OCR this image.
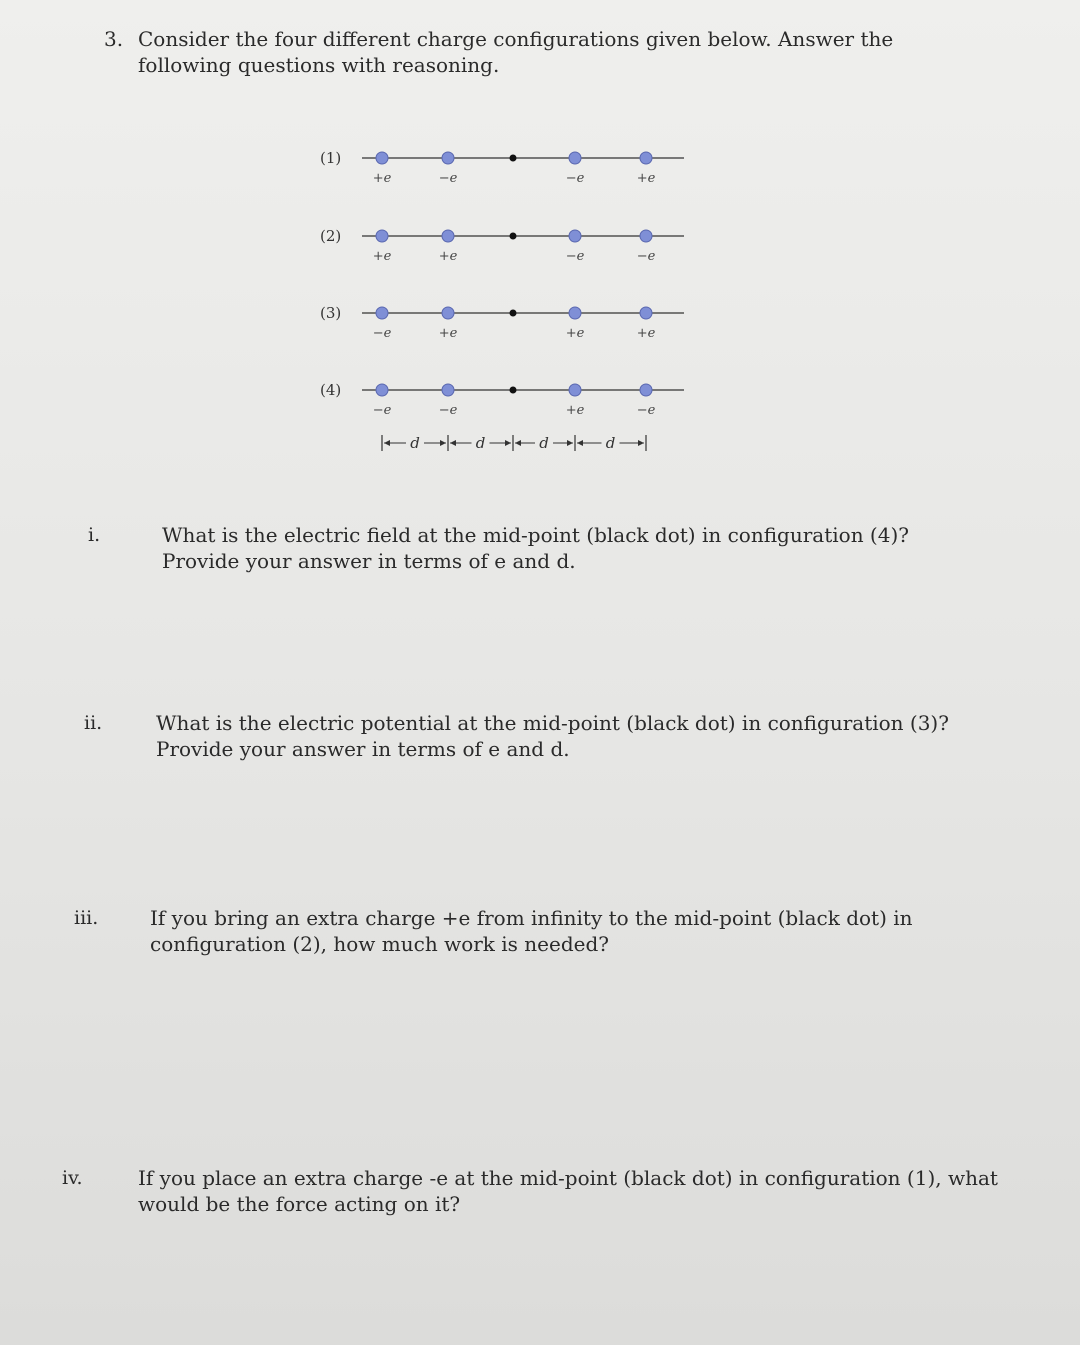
3. Consider the four different charge configurations given below. Answer the following questions with reasoning.
(1)
+e	−e	−e	+e
(2)
+e	+e	−e	−e
(3)
−e	+e	+e	+e
(4)
−e	−e	+e	−e
d	d	d	d
i.	What is the electric field at the mid-point (black dot) in configuration (4)? Provide your answer in terms of e and d.
ii.	What is the electric potential at the mid-point (black dot) in configuration (3)? Provide your answer in terms of e and d.
iii.	If you bring an extra charge +e from infinity to the mid-point (black dot) in configuration (2), how much work is needed?
iv.	If you place an extra charge -e at the mid-point (black dot) in configuration (1), what would be the force acting on it?
